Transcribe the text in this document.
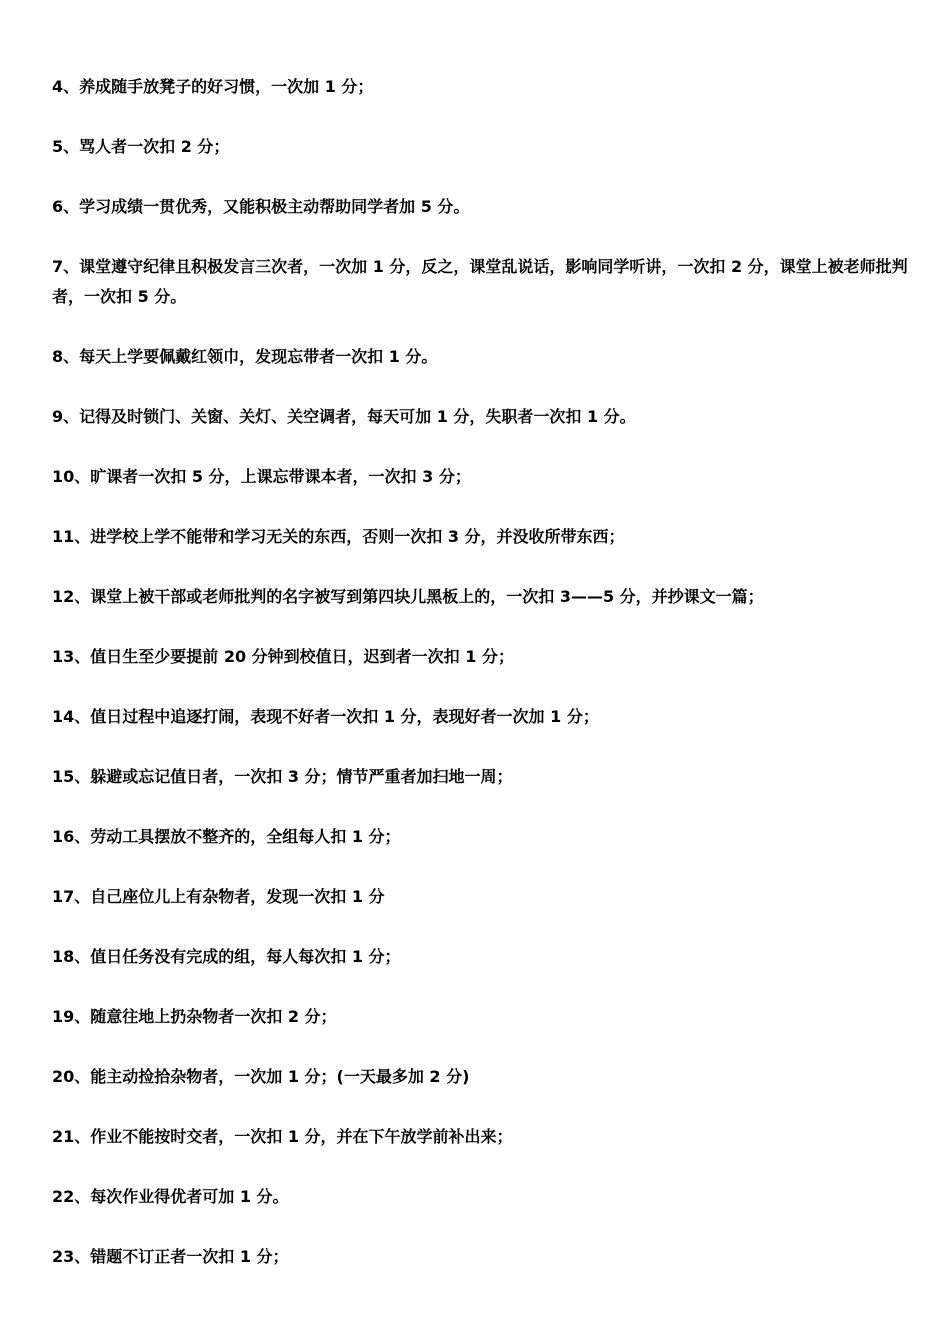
4、养成随手放凳子的好习惯，一次加 1 分；

5、骂人者一次扣 2 分；

6、学习成绩一贯优秀，又能积极主动帮助同学者加 5 分。

7、课堂遵守纪律且积极发言三次者，一次加 1 分，反之，课堂乱说话，影响同学听讲，一次扣 2 分，课堂上被老师批判者，一次扣 5 分。

8、每天上学要佩戴红领巾，发现忘带者一次扣 1 分。

9、记得及时锁门、关窗、关灯、关空调者，每天可加 1 分，失职者一次扣 1 分。

10、旷课者一次扣 5 分，上课忘带课本者，一次扣 3 分；

11、进学校上学不能带和学习无关的东西，否则一次扣 3 分，并没收所带东西；

12、课堂上被干部或老师批判的名字被写到第四块儿黑板上的，一次扣 3——5 分，并抄课文一篇；

13、值日生至少要提前 20 分钟到校值日，迟到者一次扣 1 分；

14、值日过程中追逐打闹，表现不好者一次扣 1 分，表现好者一次加 1 分；

15、躲避或忘记值日者，一次扣 3 分；情节严重者加扫地一周；

16、劳动工具摆放不整齐的，全组每人扣 1 分；

17、自己座位儿上有杂物者，发现一次扣 1 分

18、值日任务没有完成的组，每人每次扣 1 分；

19、随意往地上扔杂物者一次扣 2 分；

20、能主动捡拾杂物者，一次加 1 分；(一天最多加 2 分)

21、作业不能按时交者，一次扣 1 分，并在下午放学前补出来；

22、每次作业得优者可加 1 分。

23、错题不订正者一次扣 1 分；
